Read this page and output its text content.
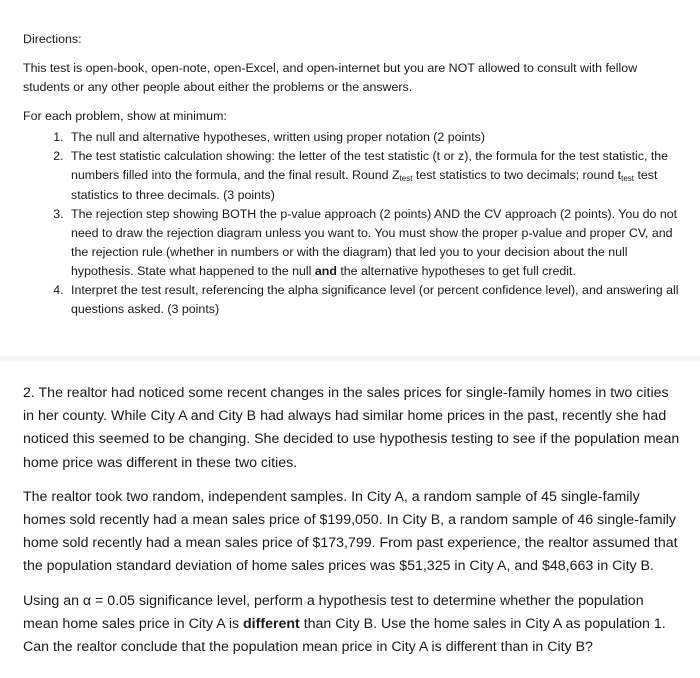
Directions:

This test is open-book, open-note, open-Excel, and open-internet but you are NOT allowed to consult with fellow students or any other people about either the problems or the answers.

For each problem, show at minimum:

1. The null and alternative hypotheses, written using proper notation (2 points)
2. The test statistic calculation showing: the letter of the test statistic (t or z), the formula for the test statistic, the numbers filled into the formula, and the final result. Round Ztest test statistics to two decimals; round ttest test statistics to three decimals. (3 points)
3. The rejection step showing BOTH the p-value approach (2 points) AND the CV approach (2 points). You do not need to draw the rejection diagram unless you want to. You must show the proper p-value and proper CV, and the rejection rule (whether in numbers or with the diagram) that led you to your decision about the null hypothesis. State what happened to the null and the alternative hypotheses to get full credit.
4. Interpret the test result, referencing the alpha significance level (or percent confidence level), and answering all questions asked. (3 points)

2. The realtor had noticed some recent changes in the sales prices for single-family homes in two cities in her county. While City A and City B had always had similar home prices in the past, recently she had noticed this seemed to be changing. She decided to use hypothesis testing to see if the population mean home price was different in these two cities.

The realtor took two random, independent samples. In City A, a random sample of 45 single-family homes sold recently had a mean sales price of $199,050. In City B, a random sample of 46 single-family home sold recently had a mean sales price of $173,799. From past experience, the realtor assumed that the population standard deviation of home sales prices was $51,325 in City A, and $48,663 in City B.

Using an α = 0.05 significance level, perform a hypothesis test to determine whether the population mean home sales price in City A is different than City B. Use the home sales in City A as population 1. Can the realtor conclude that the population mean price in City A is different than in City B?
